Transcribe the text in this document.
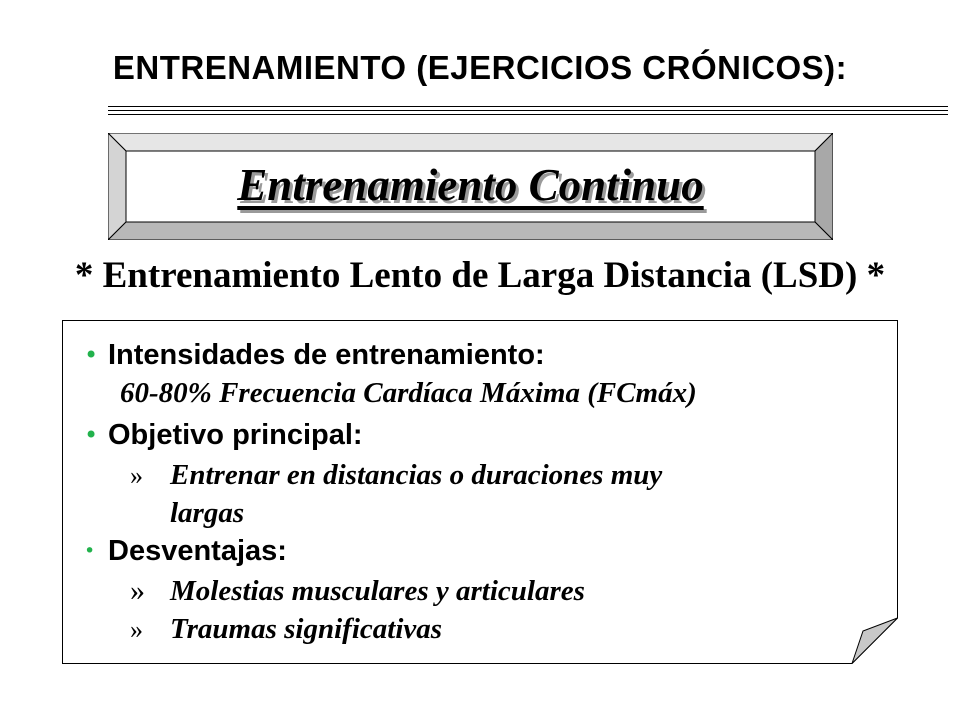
ENTRENAMIENTO (EJERCICIOS CRÓNICOS):
Entrenamiento Continuo

* Entrenamiento Lento de Larga Distancia (LSD) *

• Intensidades de entrenamiento:
60-80% Frecuencia Cardíaca Máxima (FCmáx)
• Objetivo principal:
» Entrenar en distancias o duraciones muy
largas
• Desventajas:
» Molestias musculares y articulares
» Traumas significativas
